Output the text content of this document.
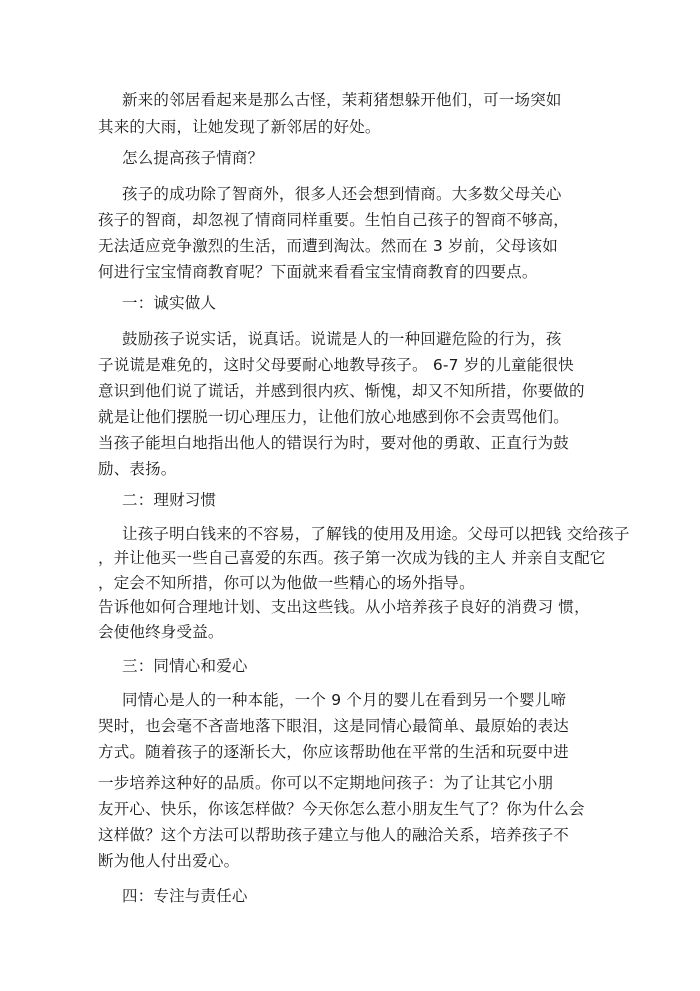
新来的邻居看起来是那么古怪，茉莉猪想躲开他们，可一场突如
其来的大雨，让她发现了新邻居的好处。
怎么提高孩子情商？
孩子的成功除了智商外，很多人还会想到情商。大多数父母关心
孩子的智商，却忽视了情商同样重要。生怕自己孩子的智商不够高，
无法适应竞争激烈的生活，而遭到淘汰。然而在 3 岁前，父母该如
何进行宝宝情商教育呢？下面就来看看宝宝情商教育的四要点。
一：诚实做人
鼓励孩子说实话，说真话。说谎是人的一种回避危险的行为，孩
子说谎是难免的，这时父母要耐心地教导孩子。 6-7 岁的儿童能很快
意识到他们说了谎话，并感到很内疚、惭愧，却又不知所措，你要做的
就是让他们摆脱一切心理压力，让他们放心地感到你不会责骂他们。
当孩子能坦白地指出他人的错误行为时，要对他的勇敢、正直行为鼓
励、表扬。
二：理财习惯
让孩子明白钱来的不容易，了解钱的使用及用途。父母可以把钱 交给孩子
，并让他买一些自己喜爱的东西。孩子第一次成为钱的主人 并亲自支配它
，定会不知所措，你可以为他做一些精心的场外指导。
告诉他如何合理地计划、支出这些钱。从小培养孩子良好的消费习 惯，
会使他终身受益。
三：同情心和爱心
同情心是人的一种本能，一个 9 个月的婴儿在看到另一个婴儿啼
哭时，也会毫不吝啬地落下眼泪，这是同情心最简单、最原始的表达
方式。随着孩子的逐渐长大，你应该帮助他在平常的生活和玩耍中进
一步培养这种好的品质。你可以不定期地问孩子：为了让其它小朋
友开心、快乐，你该怎样做？今天你怎么惹小朋友生气了？你为什么会
这样做？这个方法可以帮助孩子建立与他人的融洽关系，培养孩子不
断为他人付出爱心。
四：专注与责任心
